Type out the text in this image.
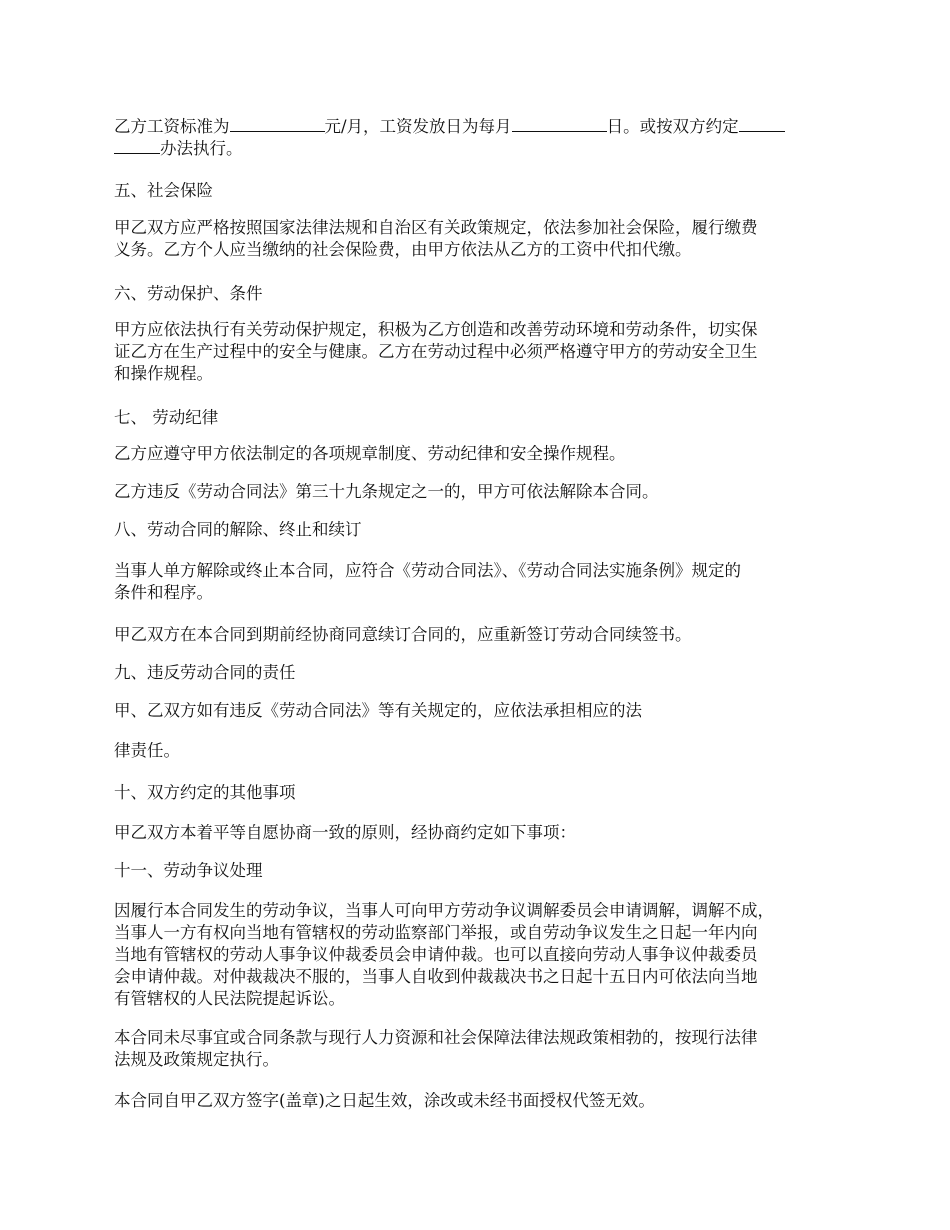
乙方工资标准为	元/月，工资发放日为每月	日。或按双方约定
办法执行。
五、社会保险
甲乙双方应严格按照国家法律法规和自治区有关政策规定，依法参加社会保险，履行缴费
义务。乙方个人应当缴纳的社会保险费，由甲方依法从乙方的工资中代扣代缴。
六、劳动保护、条件
甲方应依法执行有关劳动保护规定，积极为乙方创造和改善劳动环境和劳动条件，切实保
证乙方在生产过程中的安全与健康。乙方在劳动过程中必须严格遵守甲方的劳动安全卫生
和操作规程。
七、 劳动纪律
乙方应遵守甲方依法制定的各项规章制度、劳动纪律和安全操作规程。
乙方违反《劳动合同法》第三十九条规定之一的，甲方可依法解除本合同。
八、劳动合同的解除、终止和续订
当事人单方解除或终止本合同，应符合《劳动合同法》、《劳动合同法实施条例》规定的
条件和程序。
甲乙双方在本合同到期前经协商同意续订合同的，应重新签订劳动合同续签书。
九、违反劳动合同的责任
甲、乙双方如有违反《劳动合同法》等有关规定的，应依法承担相应的法
律责任。
十、双方约定的其他事项
甲乙双方本着平等自愿协商一致的原则，经协商约定如下事项：
十一、劳动争议处理
因履行本合同发生的劳动争议，当事人可向甲方劳动争议调解委员会申请调解，调解不成，
当事人一方有权向当地有管辖权的劳动监察部门举报，或自劳动争议发生之日起一年内向
当地有管辖权的劳动人事争议仲裁委员会申请仲裁。也可以直接向劳动人事争议仲裁委员
会申请仲裁。对仲裁裁决不服的，当事人自收到仲裁裁决书之日起十五日内可依法向当地
有管辖权的人民法院提起诉讼。
本合同未尽事宜或合同条款与现行人力资源和社会保障法律法规政策相勃的，按现行法律
法规及政策规定执行。
本合同自甲乙双方签字(盖章)之日起生效，涂改或未经书面授权代签无效。
